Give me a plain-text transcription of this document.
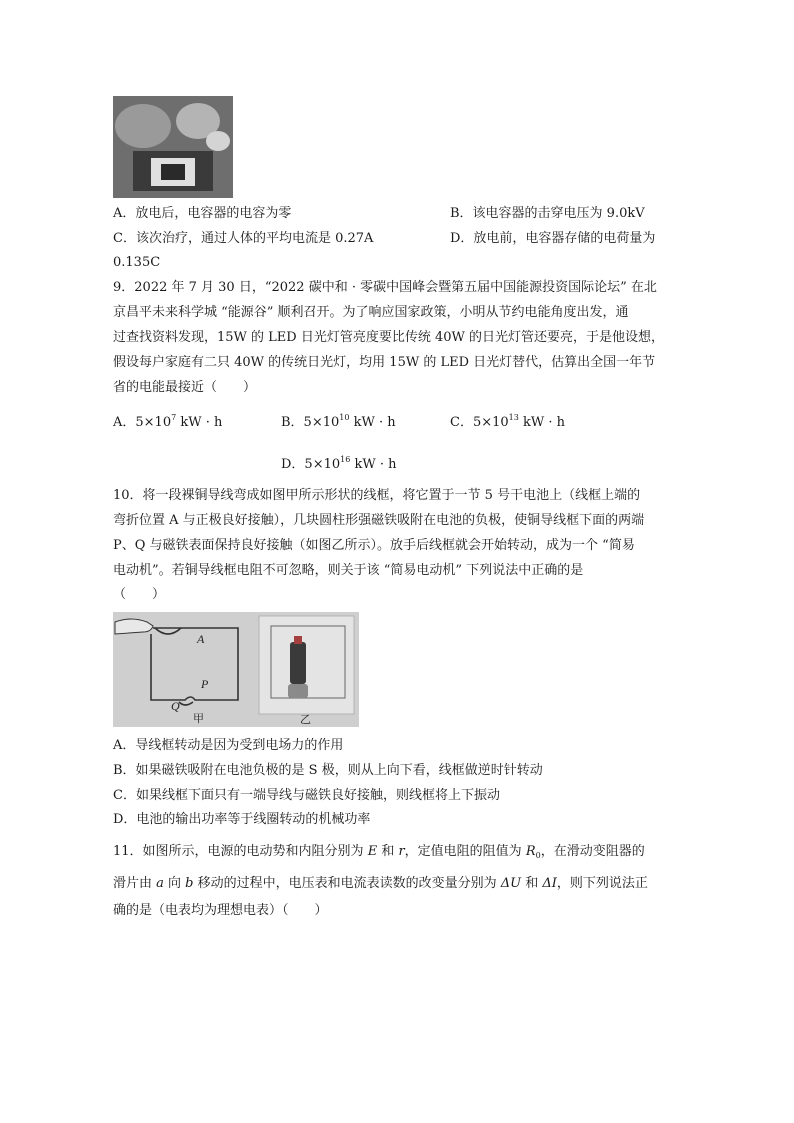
A．放电后，电容器的电容为零	B．该电容器的击穿电压为 9.0kV
C．该次治疗，通过人体的平均电流是 0.27A	D．放电前，电容器存储的电荷量为
0.135C
9．2022 年 7 月 30 日，“2022 碳中和 · 零碳中国峰会暨第五届中国能源投资国际论坛” 在北
京昌平未来科学城 “能源谷” 顺利召开。为了响应国家政策，小明从节约电能角度出发，通
过查找资料发现，15W 的 LED 日光灯管亮度要比传统 40W 的日光灯管还要亮，于是他设想，
假设每户家庭有二只 40W 的传统日光灯，均用 15W 的 LED 日光灯替代，估算出全国一年节
省的电能最接近（　　）
A．$5\times 10^7$ kW · h	B．$5\times 10^{10}$ kW · h	C．$5\times 10^{13}$ kW · h
D．$5\times 10^{16}$ kW · h
10．将一段裸铜导线弯成如图甲所示形状的线框，将它置于一节 5 号干电池上（线框上端的
弯折位置 A 与正极良好接触），几块圆柱形强磁铁吸附在电池的负极，使铜导线框下面的两端
P、Q 与磁铁表面保持良好接触（如图乙所示）。放手后线框就会开始转动，成为一个 “简易
电动机”。若铜导线框电阻不可忽略，则关于该 “简易电动机” 下列说法中正确的是
（　　）
A
P
Q
甲	乙
A．导线框转动是因为受到电场力的作用
B．如果磁铁吸附在电池负极的是 S 极，则从上向下看，线框做逆时针转动
C．如果线框下面只有一端导线与磁铁良好接触，则线框将上下振动
D．电池的输出功率等于线圈转动的机械功率
11．如图所示，电源的电动势和内阻分别为 E 和 r，定值电阻的阻值为 $R_0$，在滑动变阻器的
滑片由 a 向 b 移动的过程中，电压表和电流表读数的改变量分别为 ΔU 和 ΔI，则下列说法正
确的是（电表均为理想电表）（　　）
